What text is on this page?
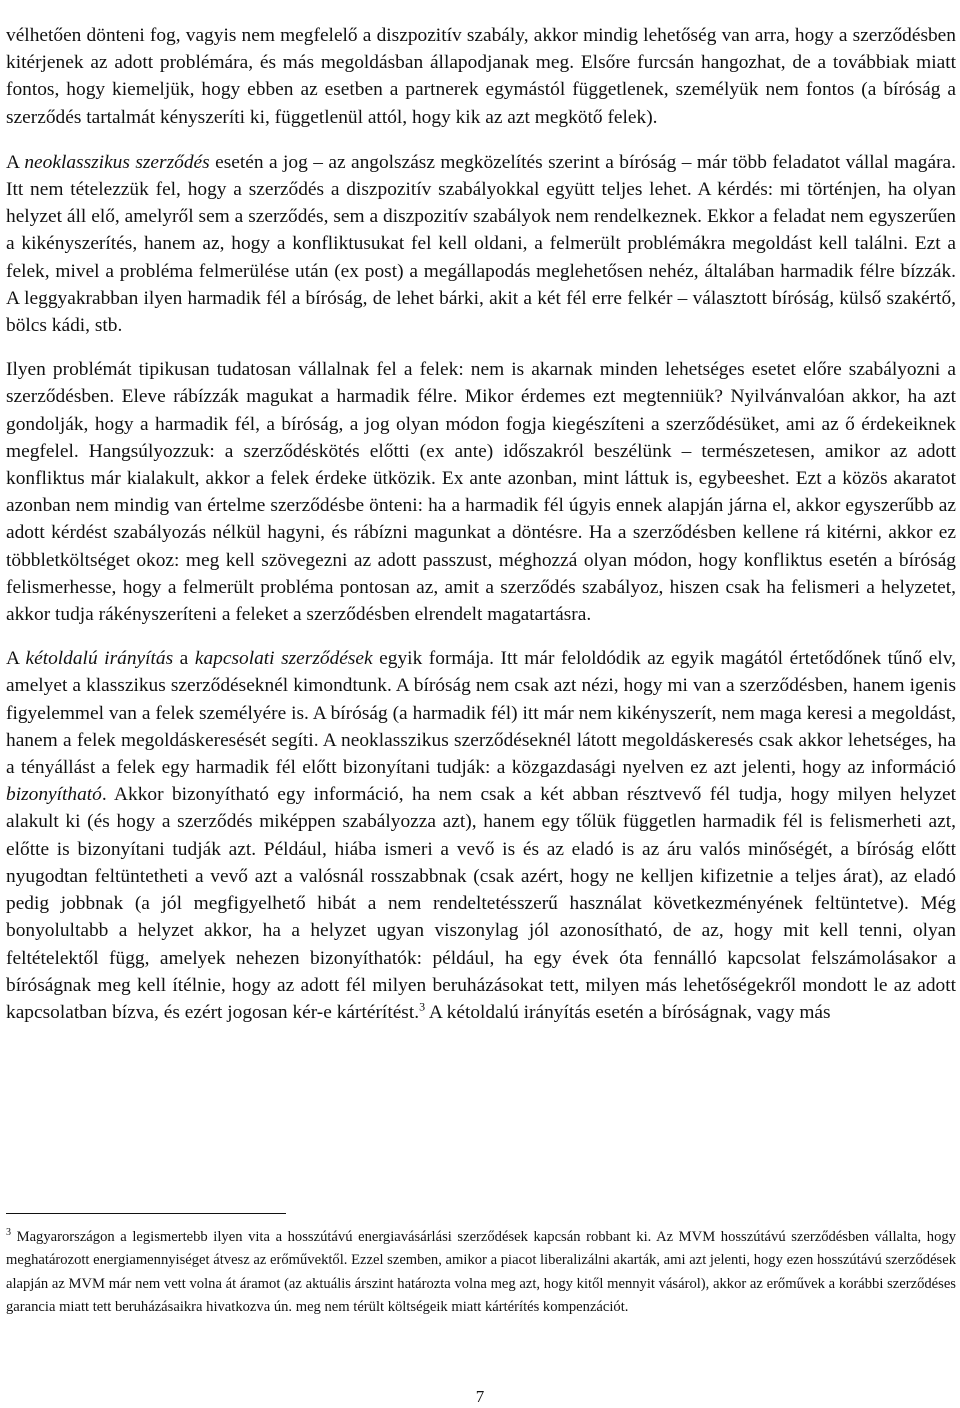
vélhetően dönteni fog, vagyis nem megfelelő a diszpozitív szabály, akkor mindig lehetőség van arra, hogy a szerződésben kitérjenek az adott problémára, és más megoldásban állapodjanak meg. Elsőre furcsán hangozhat, de a továbbiak miatt fontos, hogy kiemeljük, hogy ebben az esetben a partnerek egymástól függetlenek, személyük nem fontos (a bíróság a szerződés tartalmát kényszeríti ki, függetlenül attól, hogy kik az azt megkötő felek).

A neoklasszikus szerződés esetén a jog – az angolszász megközelítés szerint a bíróság – már több feladatot vállal magára. Itt nem tételezzük fel, hogy a szerződés a diszpozitív szabályokkal együtt teljes lehet. A kérdés: mi történjen, ha olyan helyzet áll elő, amelyről sem a szerződés, sem a diszpozitív szabályok nem rendelkeznek. Ekkor a feladat nem egyszerűen a kikényszerítés, hanem az, hogy a konfliktusukat fel kell oldani, a felmerült problémákra megoldást kell találni. Ezt a felek, mivel a probléma felmerülése után (ex post) a megállapodás meglehetősen nehéz, általában harmadik félre bízzák. A leggyakrabban ilyen harmadik fél a bíróság, de lehet bárki, akit a két fél erre felkér – választott bíróság, külső szakértő, bölcs kádi, stb.

Ilyen problémát tipikusan tudatosan vállalnak fel a felek: nem is akarnak minden lehetséges esetet előre szabályozni a szerződésben. Eleve rábízzák magukat a harmadik félre. Mikor érdemes ezt megtenniük? Nyilvánvalóan akkor, ha azt gondolják, hogy a harmadik fél, a bíróság, a jog olyan módon fogja kiegészíteni a szerződésüket, ami az ő érdekeiknek megfelel. Hangsúlyozzuk: a szerződéskötés előtti (ex ante) időszakról beszélünk – természetesen, amikor az adott konfliktus már kialakult, akkor a felek érdeke ütközik. Ex ante azonban, mint láttuk is, egybeeshet. Ezt a közös akaratot azonban nem mindig van értelme szerződésbe önteni: ha a harmadik fél úgyis ennek alapján járna el, akkor egyszerűbb az adott kérdést szabályozás nélkül hagyni, és rábízni magunkat a döntésre. Ha a szerződésben kellene rá kitérni, akkor ez többletköltséget okoz: meg kell szövegezni az adott passzust, méghozzá olyan módon, hogy konfliktus esetén a bíróság felismerhesse, hogy a felmerült probléma pontosan az, amit a szerződés szabályoz, hiszen csak ha felismeri a helyzetet, akkor tudja rákényszeríteni a feleket a szerződésben elrendelt magatartásra.

A kétoldalú irányítás a kapcsolati szerződések egyik formája. Itt már feloldódik az egyik magától értetődőnek tűnő elv, amelyet a klasszikus szerződéseknél kimondtunk. A bíróság nem csak azt nézi, hogy mi van a szerződésben, hanem igenis figyelemmel van a felek személyére is. A bíróság (a harmadik fél) itt már nem kikényszerít, nem maga keresi a megoldást, hanem a felek megoldáskeresését segíti. A neoklasszikus szerződéseknél látott megoldáskeresés csak akkor lehetséges, ha a tényállást a felek egy harmadik fél előtt bizonyítani tudják: a közgazdasági nyelven ez azt jelenti, hogy az információ bizonyítható. Akkor bizonyítható egy információ, ha nem csak a két abban résztvevő fél tudja, hogy milyen helyzet alakult ki (és hogy a szerződés miképpen szabályozza azt), hanem egy tőlük független harmadik fél is felismerheti azt, előtte is bizonyítani tudják azt. Például, hiába ismeri a vevő is és az eladó is az áru valós minőségét, a bíróság előtt nyugodtan feltüntetheti a vevő azt a valósnál rosszabbnak (csak azért, hogy ne kelljen kifizetnie a teljes árat), az eladó pedig jobbnak (a jól megfigyelhető hibát a nem rendeltetésszerű használat következményének feltüntetve). Még bonyolultabb a helyzet akkor, ha a helyzet ugyan viszonylag jól azonosítható, de az, hogy mit kell tenni, olyan feltételektől függ, amelyek nehezen bizonyíthatók: például, ha egy évek óta fennálló kapcsolat felszámolásakor a bíróságnak meg kell ítélnie, hogy az adott fél milyen beruházásokat tett, milyen más lehetőségekről mondott le az adott kapcsolatban bízva, és ezért jogosan kér-e kártérítést.$^3$ A kétoldalú irányítás esetén a bíróságnak, vagy más

$^3$ Magyarországon a legismertebb ilyen vita a hosszútávú energiavásárlási szerződések kapcsán robbant ki. Az MVM hosszútávú szerződésben vállalta, hogy meghatározott energiamennyiséget átvesz az erőművektől. Ezzel szemben, amikor a piacot liberalizálni akarták, ami azt jelenti, hogy ezen hosszútávú szerződések alapján az MVM már nem vett volna át áramot (az aktuális árszint határozta volna meg azt, hogy kitől mennyit vásárol), akkor az erőművek a korábbi szerződéses garancia miatt tett beruházásaikra hivatkozva ún. meg nem térült költségeik miatt kártérítés kompenzációt.

7
